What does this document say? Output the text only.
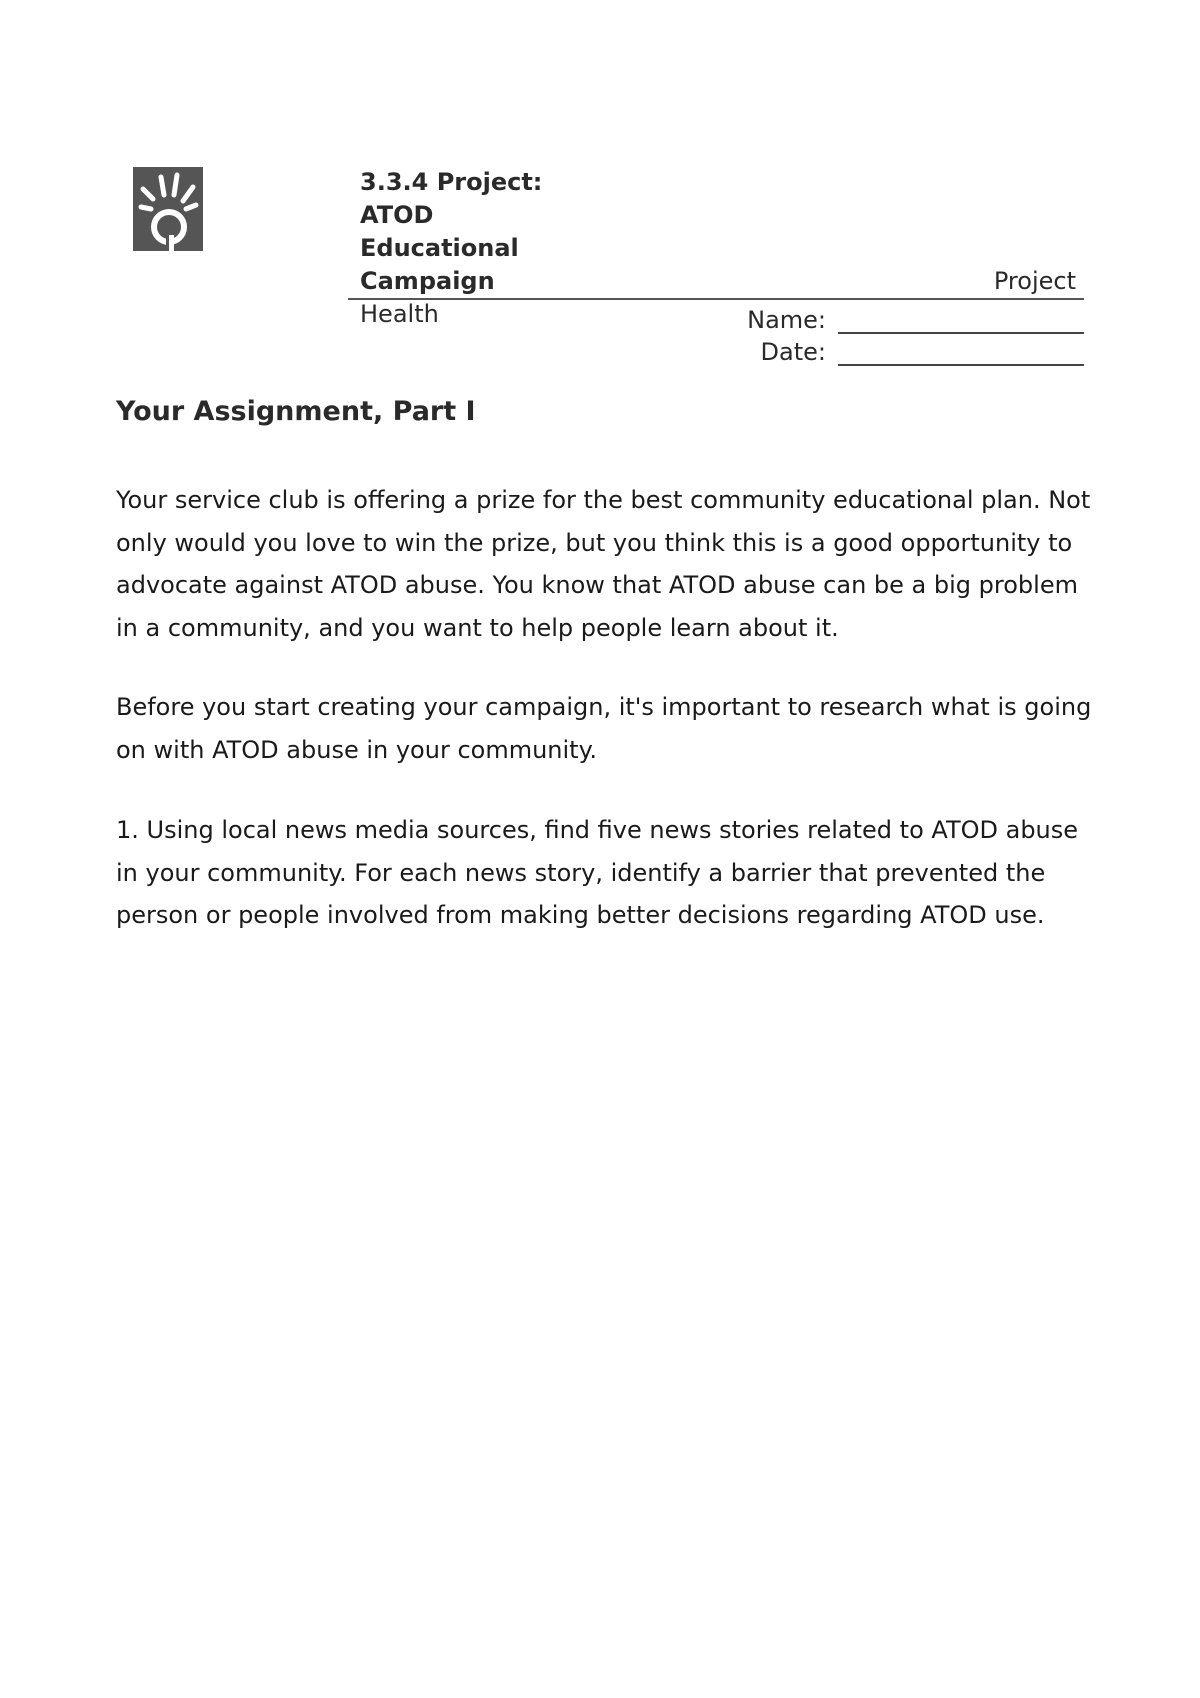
3.3.4 Project:
ATOD
Educational
Campaign	Project
Health	Name:
Date:
Your Assignment, Part I
Your service club is offering a prize for the best community educational plan. Not only would you love to win the prize, but you think this is a good opportunity to advocate against ATOD abuse. You know that ATOD abuse can be a big problem in a community, and you want to help people learn about it.
Before you start creating your campaign, it's important to research what is going on with ATOD abuse in your community.
1. Using local news media sources, find five news stories related to ATOD abuse in your community. For each news story, identify a barrier that prevented the person or people involved from making better decisions regarding ATOD use.
